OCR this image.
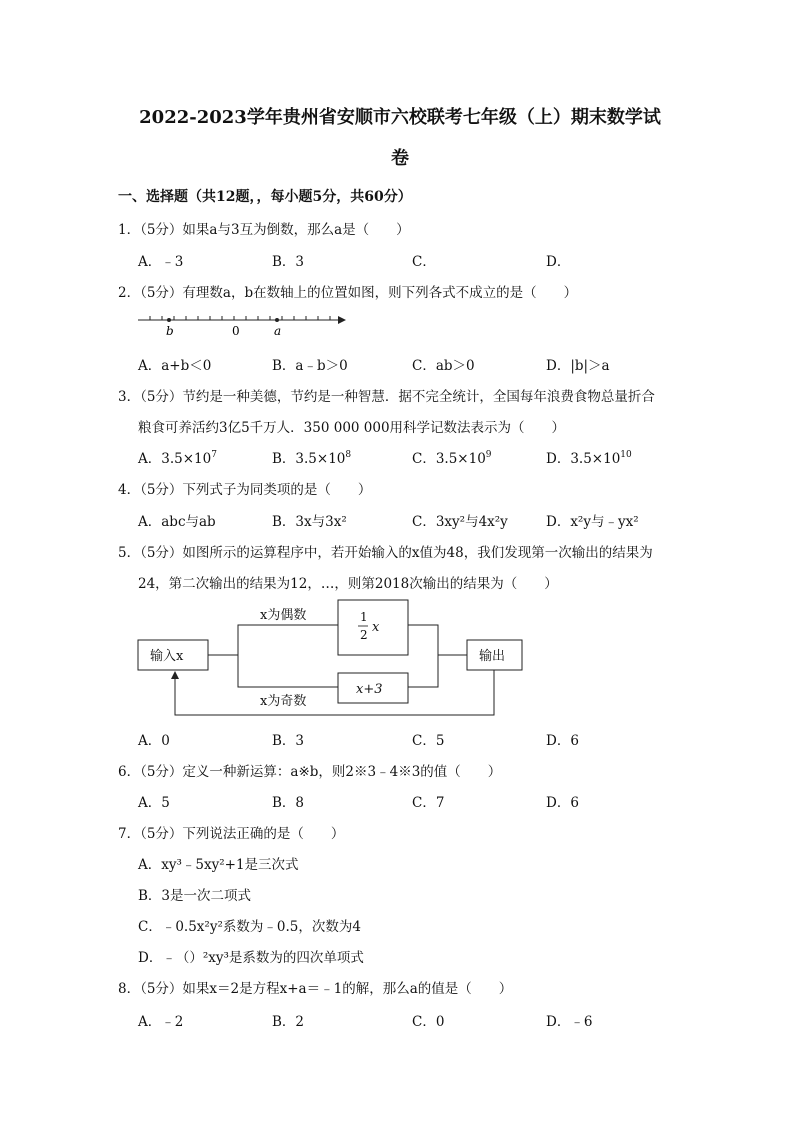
2022-2023学年贵州省安顺市六校联考七年级（上）期末数学试
卷
一、选择题（共12题，，每小题5分，共60分）
1．（5分）如果a与3互为倒数，那么a是（　　）
A．﹣3	B．3	C．	D．
2．（5分）有理数a，b在数轴上的位置如图，则下列各式不成立的是（　　）
b	0	a
A．a+b＜0	B．a﹣b＞0	C．ab＞0	D．|b|＞a
3．（5分）节约是一种美德，节约是一种智慧．据不完全统计，全国每年浪费食物总量折合
粮食可养活约3亿5千万人．350 000 000用科学记数法表示为（　　）
A．$3.5\times 10^7$	B．$3.5\times 10^8$	C．$3.5\times 10^9$	D．$3.5\times 10^{10}$
4．（5分）下列式子为同类项的是（　　）
A．abc与ab	B．3x与3x²	C．3xy²与4x²y	D．x²y与﹣yx²
5．（5分）如图所示的运算程序中，若开始输入的x值为48，我们发现第一次输出的结果为
24，第二次输出的结果为12，…，则第2018次输出的结果为（　　）
输入x
x为偶数
x为奇数
1
2 x
x+3
输出
A．0	B．3	C．5	D．6
6．（5分）定义一种新运算：a※b，则2※3﹣4※3的值（　　）
A．5	B．8	C．7	D．6
7．（5分）下列说法正确的是（　　）
A．xy³﹣5xy²+1是三次式
B．3是一次二项式
C．﹣0.5x²y²系数为﹣0.5，次数为4
D．﹣（）²xy³是系数为的四次单项式
8．（5分）如果x＝2是方程x+a＝﹣1的解，那么a的值是（　　）
A．﹣2	B．2	C．0	D．﹣6
